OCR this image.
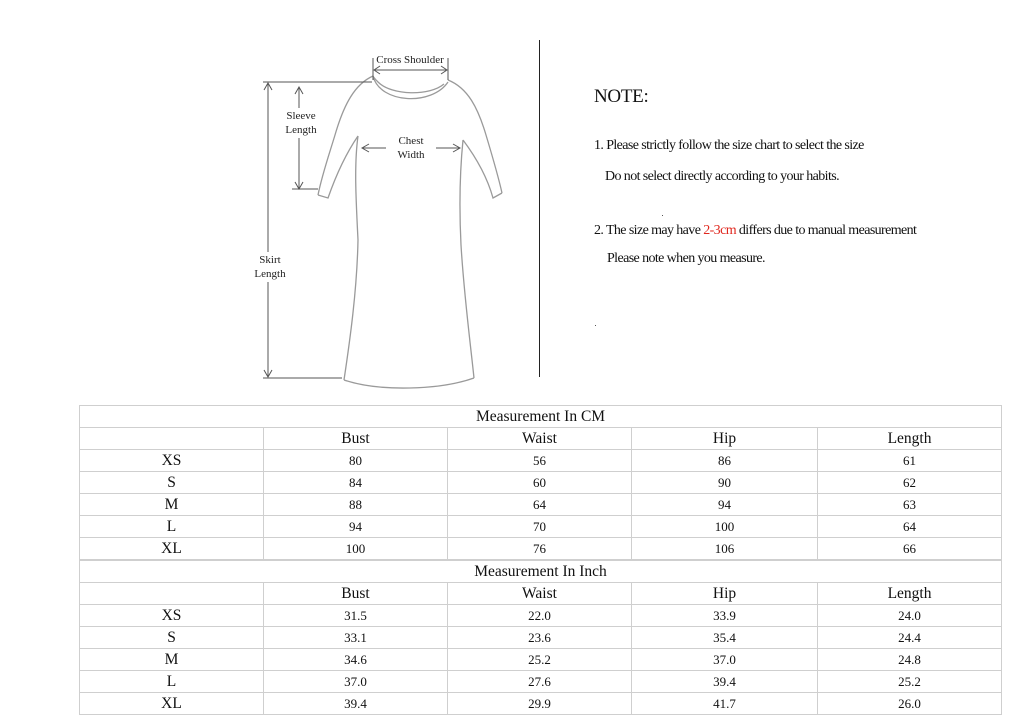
Cross Shoulder
Sleeve
Length
Chest
Width
Skirt
Length
NOTE:
1. Please strictly follow the size chart to select the size
Do not select directly according to your habits.
2. The size may have 2-3cm differs due to manual measurement
Please note when you measure.
Measurement In CM				
	Bust	Waist	Hip	Length
XS	80	56	86	61
S	84	60	90	62
M	88	64	94	63
L	94	70	100	64
XL	100	76	106	66
Measurement In Inch				
	Bust	Waist	Hip	Length
XS	31.5	22.0	33.9	24.0
S	33.1	23.6	35.4	24.4
M	34.6	25.2	37.0	24.8
L	37.0	27.6	39.4	25.2
XL	39.4	29.9	41.7	26.0
